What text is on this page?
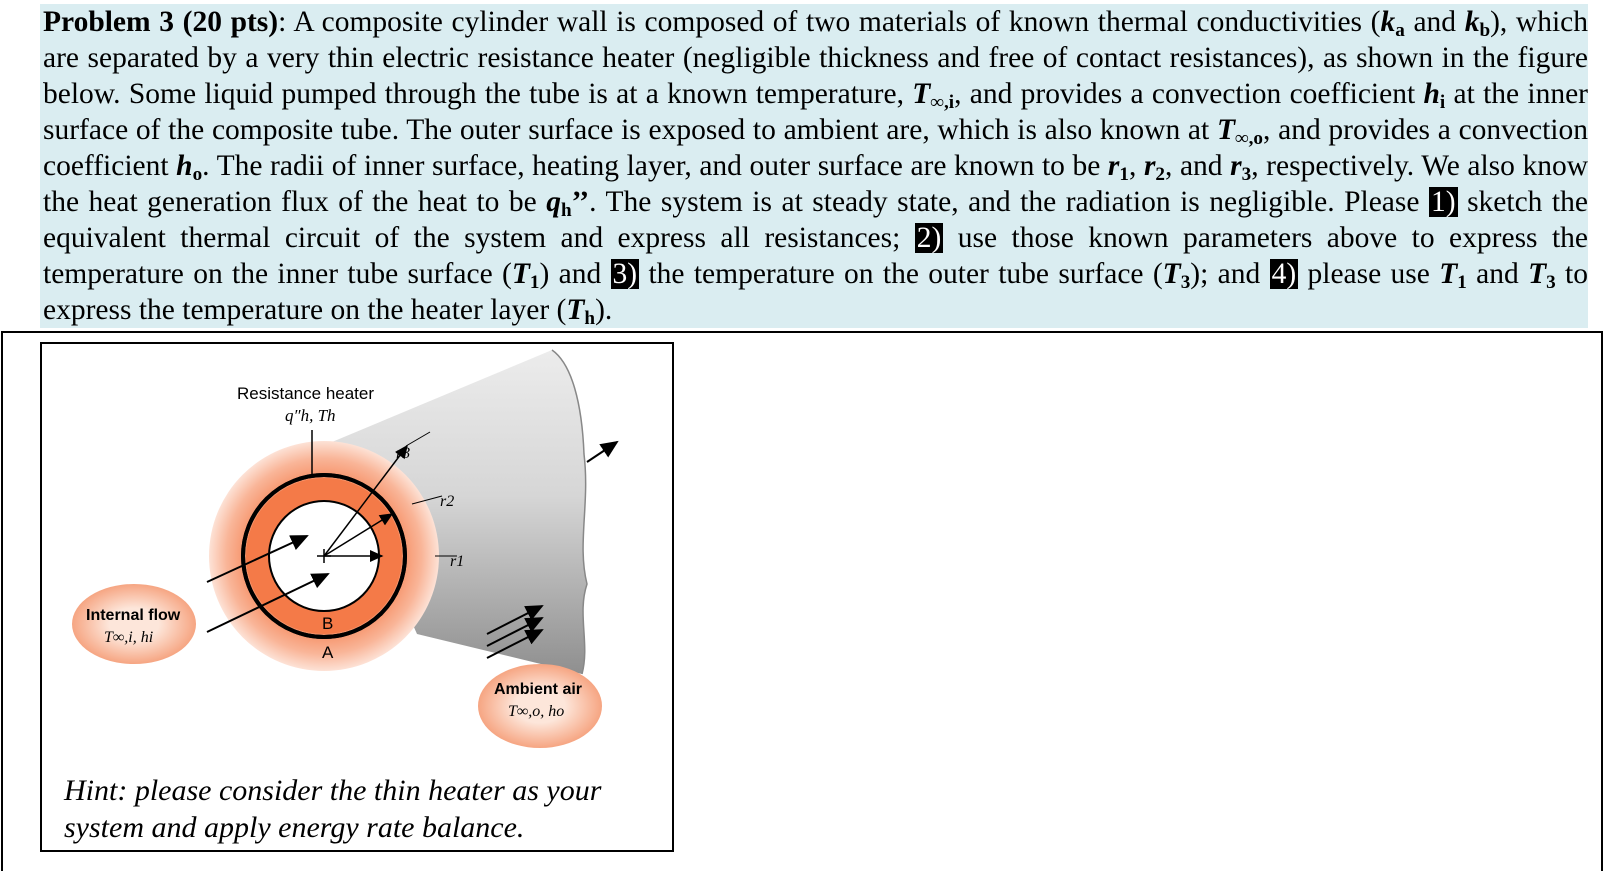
Problem 3 (20 pts): A composite cylinder wall is composed of two materials of known thermal conductivities ($k_a$ and $k_b$), which are separated by a very thin electric resistance heater (negligible thickness and free of contact resistances), as shown in the figure below. Some liquid pumped through the tube is at a known temperature, $T_{\infty,i}$, and provides a convection coefficient $h_i$ at the inner surface of the composite tube. The outer surface is exposed to ambient are, which is also known at $T_{\infty,o}$, and provides a convection coefficient $h_o$. The radii of inner surface, heating layer, and outer surface are known to be $r_1$, $r_2$, and $r_3$, respectively. We also know the heat generation flux of the heat to be $q_h$’’. The system is at steady state, and the radiation is negligible. Please 1) sketch the equivalent thermal circuit of the system and express all resistances; 2) use those known parameters above to express the temperature on the inner tube surface $(T_1)$ and 3) the temperature on the outer tube surface $(T_3)$; and 4) please use $T_1$ and $T_3$ to express the temperature on the heater layer $(T_h)$.
Resistance heater
q″h, Th
r3
r2
r1
B
A
Internal flow
T∞,i, hi
Ambient air
T∞,o, ho
Hint: please consider the thin heater as your
system and apply energy rate balance.
